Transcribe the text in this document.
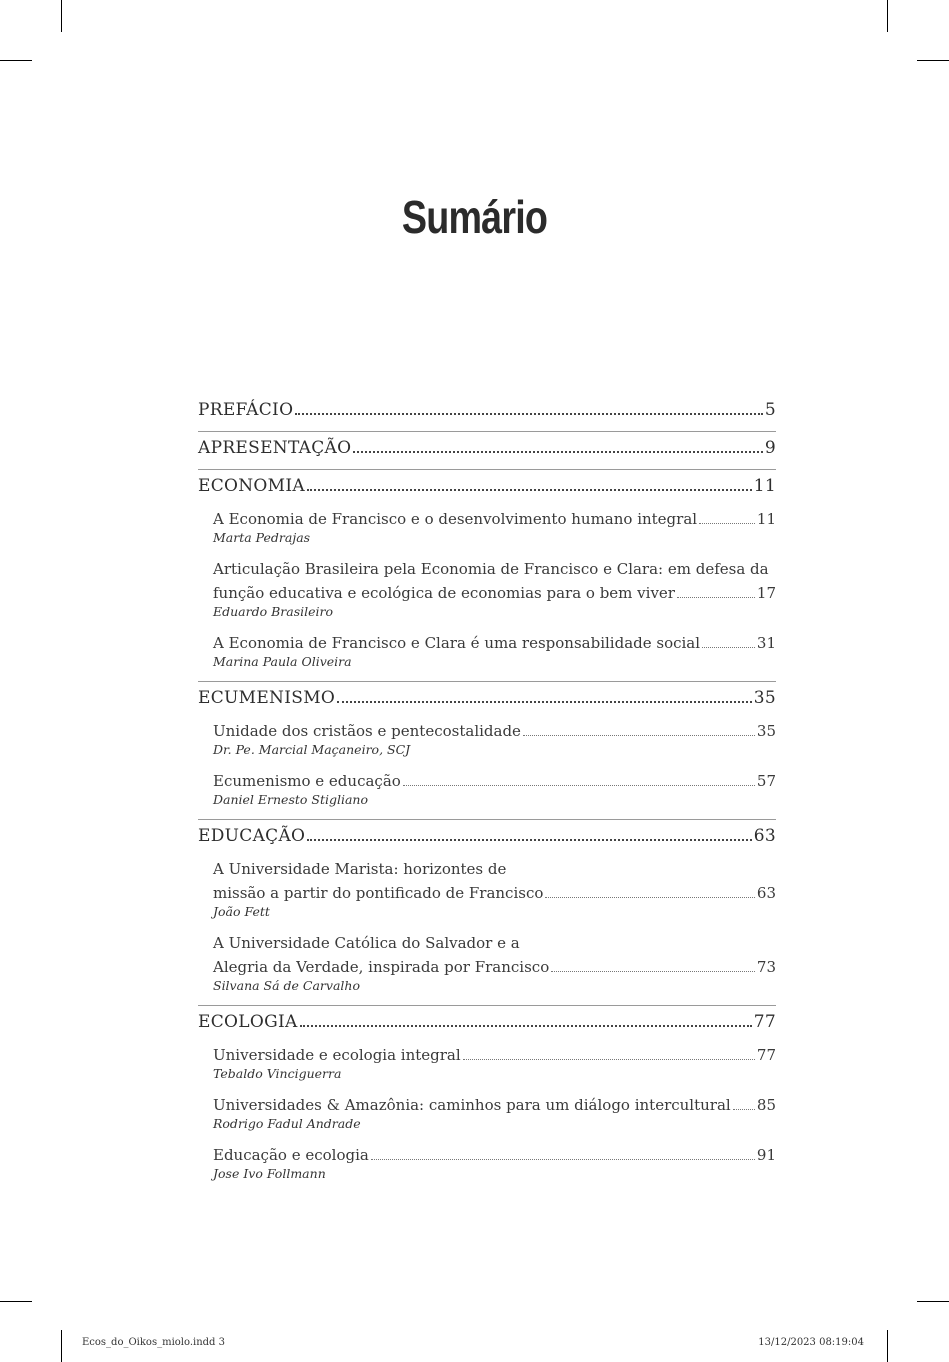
Sumário
PREFÁCIO	5
APRESENTAÇÃO	9
ECONOMIA	11
A Economia de Francisco e o desenvolvimento humano integral	11
Marta Pedrajas
Articulação Brasileira pela Economia de Francisco e Clara: em defesa da
função educativa e ecológica de economias para o bem viver	17
Eduardo Brasileiro
A Economia de Francisco e Clara é uma responsabilidade social	31
Marina Paula Oliveira
ECUMENISMO	35
Unidade dos cristãos e pentecostalidade	35
Dr. Pe. Marcial Maçaneiro, SCJ
Ecumenismo e educação	57
Daniel Ernesto Stigliano
EDUCAÇÃO	63
A Universidade Marista: horizontes de
missão a partir do pontificado de Francisco	63
João Fett
A Universidade Católica do Salvador e a
Alegria da Verdade, inspirada por Francisco	73
Silvana Sá de Carvalho
ECOLOGIA	77
Universidade e ecologia integral	77
Tebaldo Vinciguerra
Universidades & Amazônia: caminhos para um diálogo intercultural 85
Rodrigo Fadul Andrade
Educação e ecologia	91
Jose Ivo Follmann
Ecos_do_Oikos_miolo.indd 3	13/12/2023 08:19:04
